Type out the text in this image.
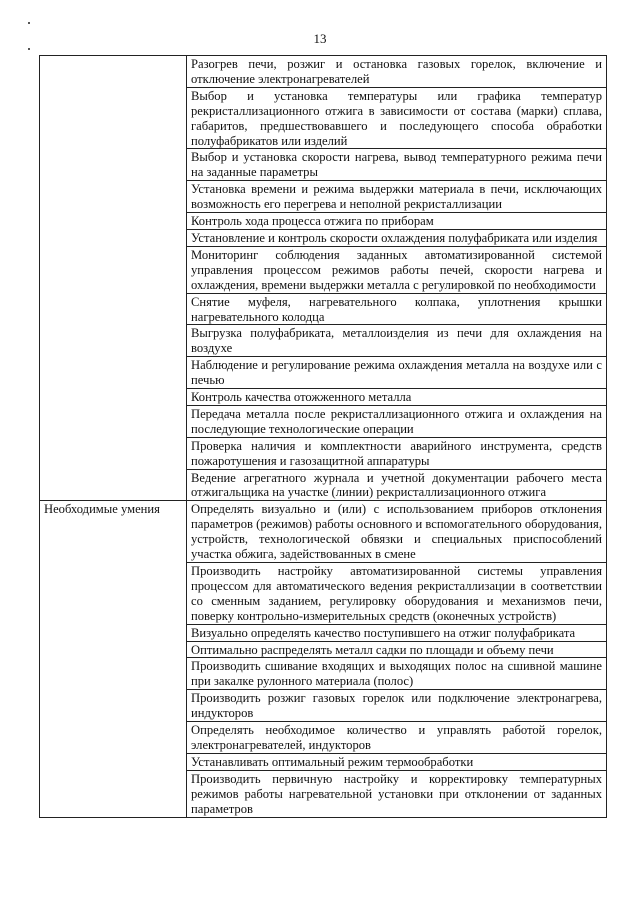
13
	Разогрев печи, розжиг и остановка газовых горелок, включение и отключение электронагревателей
	Выбор и установка температуры или графика температур рекристаллизационного отжига в зависимости от состава (марки) сплава, габаритов, предшествовавшего и последующего способа обработки полуфабрикатов или изделий
	Выбор и установка скорости нагрева, вывод температурного режима печи на заданные параметры
	Установка времени и режима выдержки материала в печи, исключающих возможность его перегрева и неполной рекристаллизации
	Контроль хода процесса отжига по приборам
	Установление и контроль скорости охлаждения полуфабриката или изделия
	Мониторинг соблюдения заданных автоматизированной системой управления процессом режимов работы печей, скорости нагрева и охлаждения, времени выдержки металла с регулировкой по необходимости
	Снятие муфеля, нагревательного колпака, уплотнения крышки нагревательного колодца
	Выгрузка полуфабриката, металлоизделия из печи для охлаждения на воздухе
	Наблюдение и регулирование режима охлаждения металла на воздухе или с печью
	Контроль качества отожженного металла
	Передача металла после рекристаллизационного отжига и охлаждения на последующие технологические операции
	Проверка наличия и комплектности аварийного инструмента, средств пожаротушения и газозащитной аппаратуры
	Ведение агрегатного журнала и учетной документации рабочего места отжигальщика на участке (линии) рекристаллизационного отжига
Необходимые умения	Определять визуально и (или) с использованием приборов отклонения параметров (режимов) работы основного и вспомогательного оборудования, устройств, технологической обвязки и специальных приспособлений участка обжига, задействованных в смене
	Производить настройку автоматизированной системы управления процессом для автоматического ведения рекристаллизации в соответствии со сменным заданием, регулировку оборудования и механизмов печи, поверку контрольно-измерительных средств (оконечных устройств)
	Визуально определять качество поступившего на отжиг полуфабриката
	Оптимально распределять металл садки по площади и объему печи
	Производить сшивание входящих и выходящих полос на сшивной машине при закалке рулонного материала (полос)
	Производить розжиг газовых горелок или подключение электронагрева, индукторов
	Определять необходимое количество и управлять работой горелок, электронагревателей, индукторов
	Устанавливать оптимальный режим термообработки
	Производить первичную настройку и корректировку температурных режимов работы нагревательной установки при отклонении от заданных параметров
